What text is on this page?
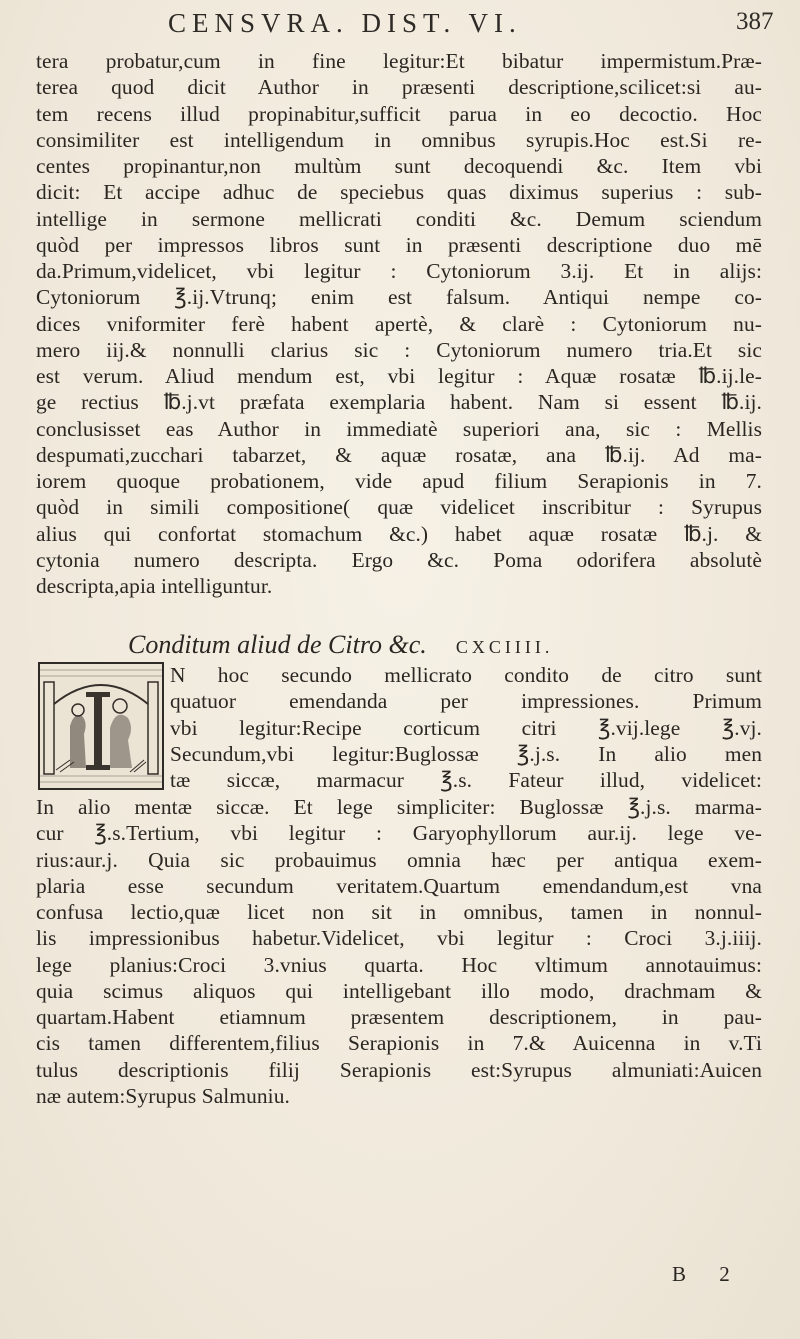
CENSVRA. DIST. VI.	387
tera probatur,cum in fine legitur:Et bibatur impermistum.Præ-
terea quod dicit Author in præsenti descriptione,scilicet:si au-
tem recens illud propinabitur,sufficit parua in eo decoctio. Hoc
consimiliter est intelligendum in omnibus syrupis.Hoc est.Si re-
centes propinantur,non multùm sunt decoquendi &c. Item vbi
dicit: Et accipe adhuc de speciebus quas diximus superius : sub-
intellige in sermone mellicrati conditi &c. Demum sciendum
quòd per impressos libros sunt in præsenti descriptione duo mē
da.Primum,videlicet, vbi legitur : Cytoniorum 3.ij. Et in alijs:
Cytoniorum ℥.ij.Vtrunq; enim est falsum. Antiqui nempe co-
dices vniformiter ferè habent apertè, & clarè : Cytoniorum nu-
mero iij.& nonnulli clarius sic : Cytoniorum numero tria.Et sic
est verum. Aliud mendum est, vbi legitur : Aquæ rosatæ ℔.ij.le-
ge rectius ℔.j.vt præfata exemplaria habent. Nam si essent ℔.ij.
conclusisset eas Author in immediatè superiori ana, sic : Mellis
despumati,zucchari tabarzet, & aquæ rosatæ, ana ℔.ij. Ad ma-
iorem quoque probationem, vide apud filium Serapionis in 7.
quòd in simili compositione( quæ videlicet inscribitur : Syrupus
alius qui confortat stomachum &c.) habet aquæ rosatæ ℔.j. &
cytonia numero descripta. Ergo &c. Poma odorifera absolutè
descripta,apia intelliguntur.
Conditum aliud de Citro &c. CXCIIII.
N hoc secundo mellicrato condito de citro sunt
quatuor emendanda per impressiones. Primum
vbi legitur:Recipe corticum citri ℥.vij.lege ℥.vj.
Secundum,vbi legitur:Buglossæ ℥.j.s. In alio men
tæ siccæ, marmacur ℥.s. Fateur illud, videlicet:
In alio mentæ siccæ. Et lege simpliciter: Buglossæ ℥.j.s. marma-
cur ℥.s.Tertium, vbi legitur : Garyophyllorum aur.ij. lege ve-
rius:aur.j. Quia sic probauimus omnia hæc per antiqua exem-
plaria esse secundum veritatem.Quartum emendandum,est vna
confusa lectio,quæ licet non sit in omnibus, tamen in nonnul-
lis impressionibus habetur.Videlicet, vbi legitur : Croci 3.j.iiij.
lege planius:Croci 3.vnius quarta. Hoc vltimum annotauimus:
quia scimus aliquos qui intelligebant illo modo, drachmam &
quartam.Habent etiamnum præsentem descriptionem, in pau-
cis tamen differentem,filius Serapionis in 7.& Auicenna in v.Ti
tulus descriptionis filij Serapionis est:Syrupus almuniati:Auicen
næ autem:Syrupus Salmuniu.
B 2
